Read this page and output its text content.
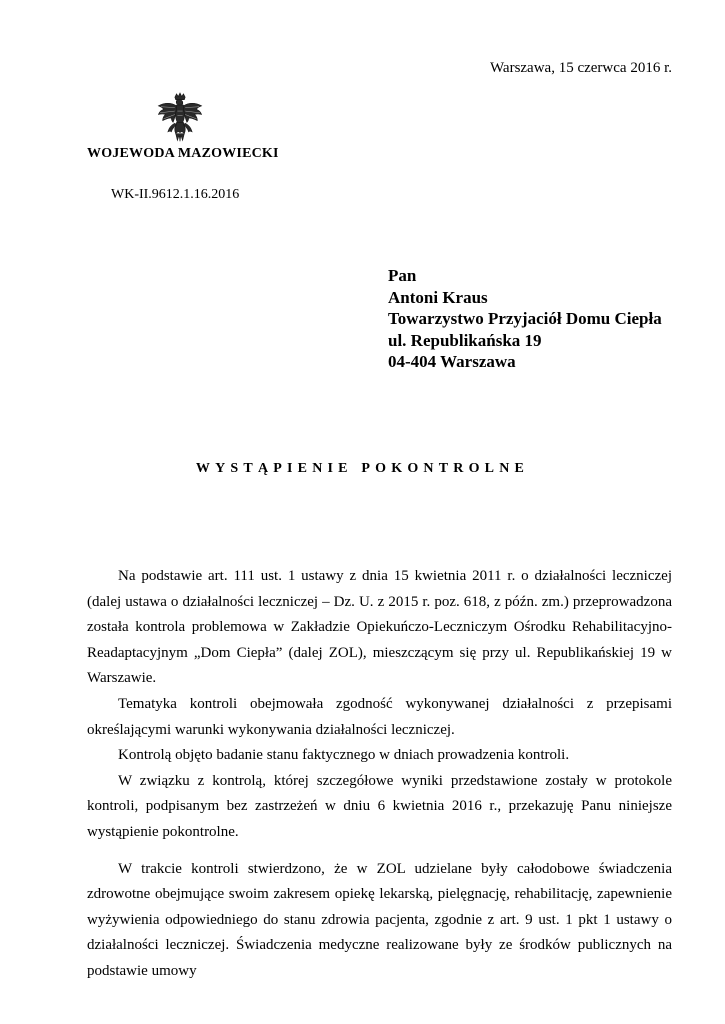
Warszawa, 15 czerwca 2016 r.
WOJEWODA MAZOWIECKI
WK-II.9612.1.16.2016
Pan
Antoni Kraus
Towarzystwo Przyjaciół Domu Ciepła
ul. Republikańska 19
04-404 Warszawa
WYSTĄPIENIE POKONTROLNE

Na podstawie art. 111 ust. 1 ustawy z dnia 15 kwietnia 2011 r. o działalności leczniczej (dalej ustawa o działalności leczniczej – Dz. U. z 2015 r. poz. 618, z późn. zm.) przeprowadzona została kontrola problemowa w Zakładzie Opiekuńczo-Leczniczym Ośrodku Rehabilitacyjno-Readaptacyjnym „Dom Ciepła” (dalej ZOL), mieszczącym się przy ul. Republikańskiej 19 w Warszawie.

Tematyka kontroli obejmowała zgodność wykonywanej działalności z przepisami określającymi warunki wykonywania działalności leczniczej.

Kontrolą objęto badanie stanu faktycznego w dniach prowadzenia kontroli.

W związku z kontrolą, której szczegółowe wyniki przedstawione zostały w protokole kontroli, podpisanym bez zastrzeżeń w dniu 6 kwietnia 2016 r., przekazuję Panu niniejsze wystąpienie pokontrolne.

W trakcie kontroli stwierdzono, że w ZOL udzielane były całodobowe świadczenia zdrowotne obejmujące swoim zakresem opiekę lekarską, pielęgnację, rehabilitację, zapewnienie wyżywienia odpowiedniego do stanu zdrowia pacjenta, zgodnie z art. 9 ust. 1 pkt 1 ustawy o działalności leczniczej. Świadczenia medyczne realizowane były ze środków publicznych na podstawie umowy
